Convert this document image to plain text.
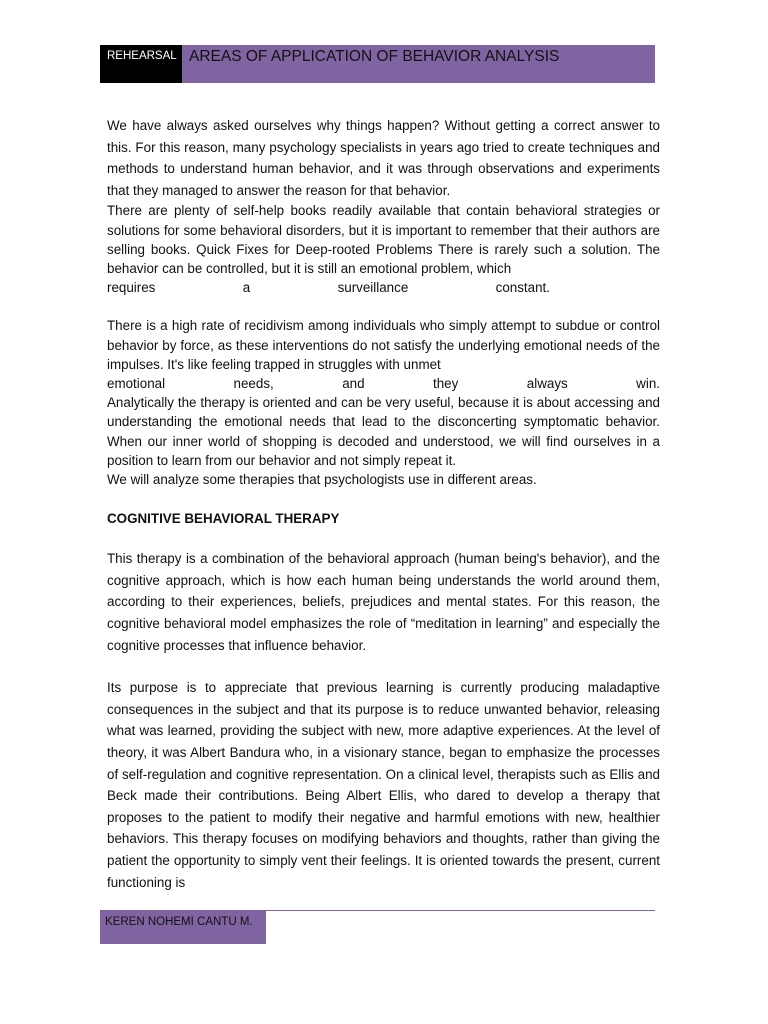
REHEARSAL AREAS OF APPLICATION OF BEHAVIOR ANALYSIS

We have always asked ourselves why things happen? Without getting a correct answer to this. For this reason, many psychology specialists in years ago tried to create techniques and methods to understand human behavior, and it was through observations and experiments that they managed to answer the reason for that behavior.

There are plenty of self-help books readily available that contain behavioral strategies or solutions for some behavioral disorders, but it is important to remember that their authors are selling books. Quick Fixes for Deep-rooted Problems There is rarely such a solution. The behavior can be controlled, but it is still an emotional problem, which

requires a surveillance constant.

There is a high rate of recidivism among individuals who simply attempt to subdue or control behavior by force, as these interventions do not satisfy the underlying emotional needs of the impulses. It's like feeling trapped in struggles with unmet

emotional needs, and they always win.

Analytically the therapy is oriented and can be very useful, because it is about accessing and understanding the emotional needs that lead to the disconcerting symptomatic behavior. When our inner world of shopping is decoded and understood, we will find ourselves in a position to learn from our behavior and not simply repeat it.

We will analyze some therapies that psychologists use in different areas.

COGNITIVE BEHAVIORAL THERAPY

This therapy is a combination of the behavioral approach (human being's behavior), and the cognitive approach, which is how each human being understands the world around them, according to their experiences, beliefs, prejudices and mental states. For this reason, the cognitive behavioral model emphasizes the role of “meditation in learning” and especially the cognitive processes that influence behavior.

Its purpose is to appreciate that previous learning is currently producing maladaptive consequences in the subject and that its purpose is to reduce unwanted behavior, releasing what was learned, providing the subject with new, more adaptive experiences. At the level of theory, it was Albert Bandura who, in a visionary stance, began to emphasize the processes of self-regulation and cognitive representation. On a clinical level, therapists such as Ellis and Beck made their contributions. Being Albert Ellis, who dared to develop a therapy that proposes to the patient to modify their negative and harmful emotions with new, healthier behaviors. This therapy focuses on modifying behaviors and thoughts, rather than giving the patient the opportunity to simply vent their feelings. It is oriented towards the present, current functioning is

KEREN NOHEMI CANTU M.
